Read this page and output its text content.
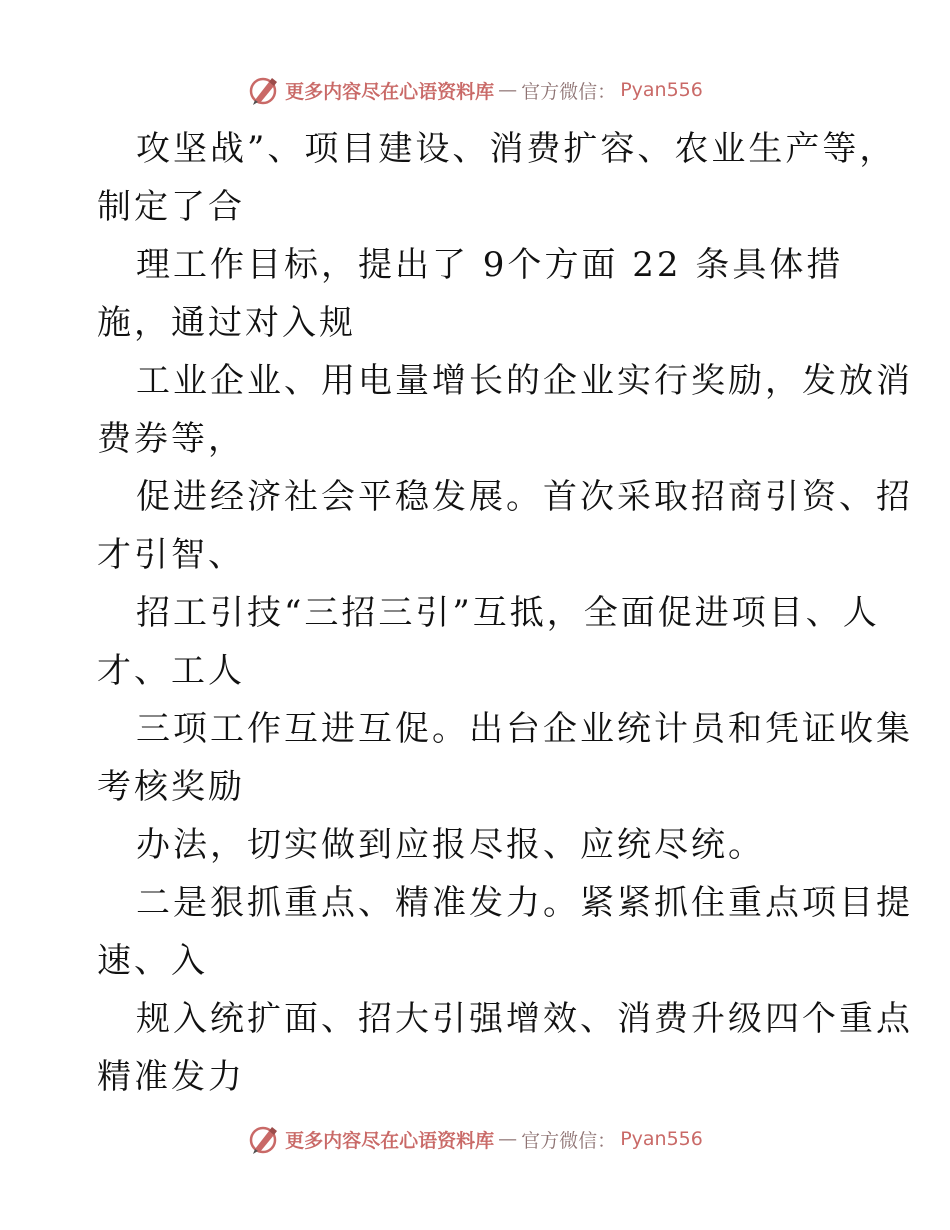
更多内容尽在心语资料库 — 官方微信： Pyan556
攻坚战”、项目建设、消费扩容、农业生产等，
制定了合
理工作目标，提出了 9个方面 22 条具体措
施，通过对入规
工业企业、用电量增长的企业实行奖励，发放消
费券等，
促进经济社会平稳发展。首次采取招商引资、招
才引智、
招工引技“三招三引”互抵，全面促进项目、人
才、工人
三项工作互进互促。出台企业统计员和凭证收集
考核奖励
办法，切实做到应报尽报、应统尽统。
二是狠抓重点、精准发力。紧紧抓住重点项目提
速、入
规入统扩面、招大引强增效、消费升级四个重点
精准发力
更多内容尽在心语资料库 — 官方微信： Pyan556
